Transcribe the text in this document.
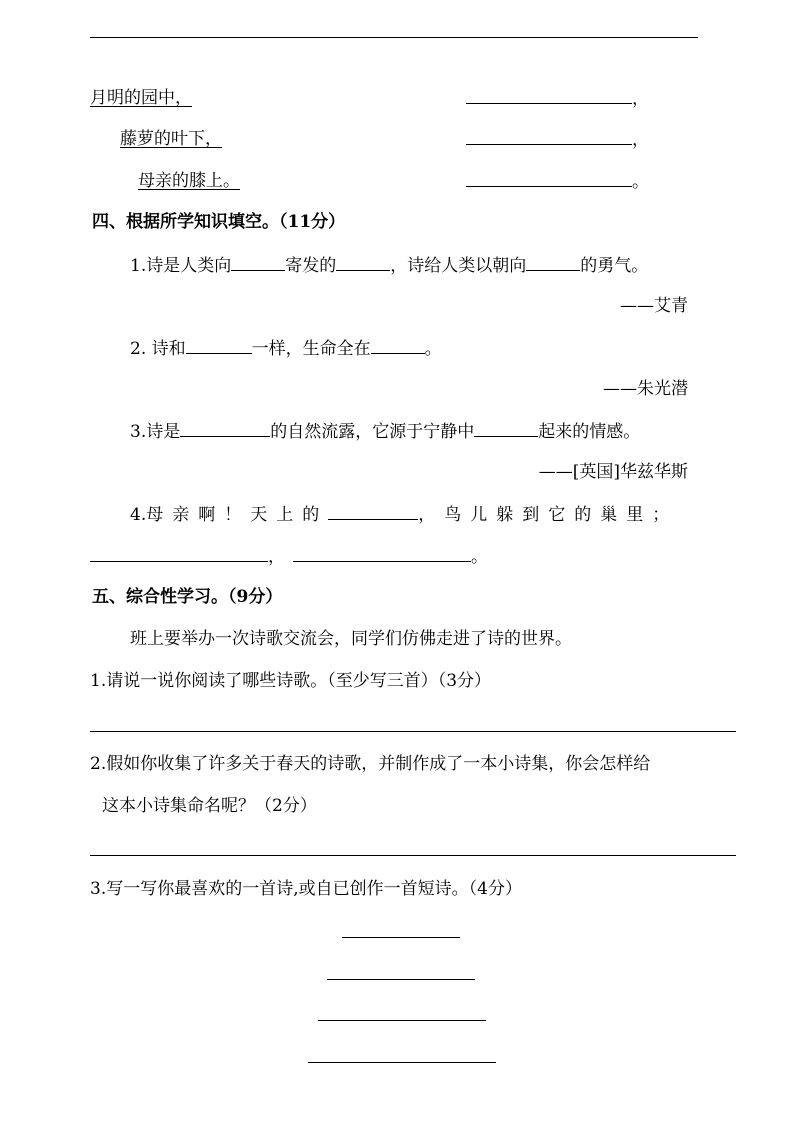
月明的园中，	，
藤萝的叶下，	，
母亲的膝上。	。
四、根据所学知识填空。（11分）
1.诗是人类向	寄发的	，诗给人类以朝向	的勇气。
——艾青
2. 诗和	一样，生命全在	。
——朱光潜
3.诗是	的自然流露，它源于宁静中	起来的情感。
——[英国]华兹华斯
4.母亲啊！天上的	，鸟儿躲到它的巢里；
，	。
五、综合性学习。（9分）
班上要举办一次诗歌交流会，同学们仿佛走进了诗的世界。
1.请说一说你阅读了哪些诗歌。（至少写三首）（3分）
2.假如你收集了许多关于春天的诗歌，并制作成了一本小诗集，你会怎样给
这本小诗集命名呢？（2分）
3.写一写你最喜欢的一首诗,或自已创作一首短诗。（4分）
